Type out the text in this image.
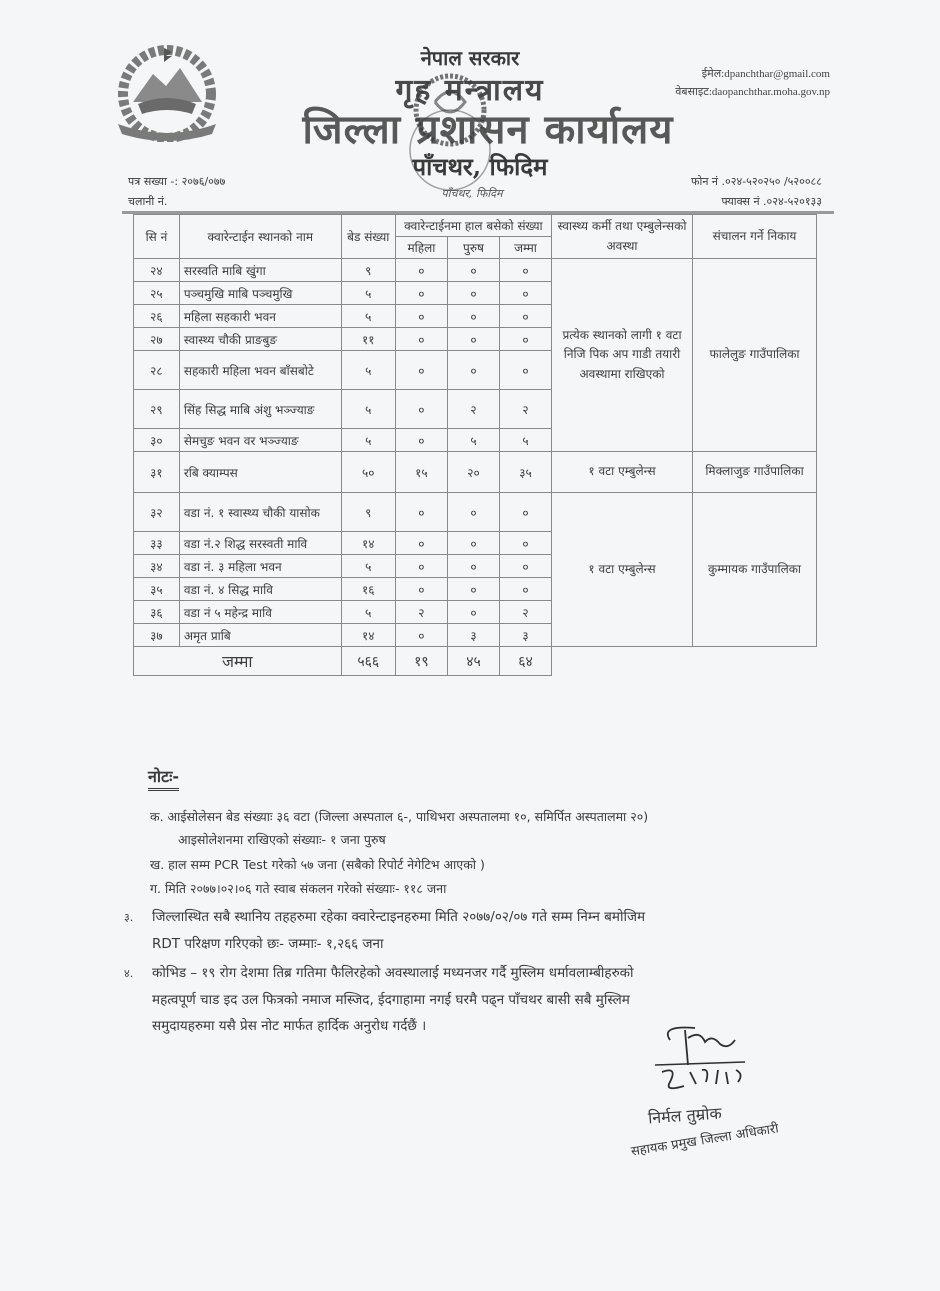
नेपाल सरकार
गृह मन्त्रालय
जिल्ला प्रशासन कार्यालय
पाँचथर, फिदिम
पाँचथर, फिदिम
ईमेल:dpanchthar@gmail.com
वेबसाइट:daopanchthar.moha.gov.np
पत्र सख्या -: २०७६/०७७
चलानी नं.
फोन नं .०२४-५२०२५० /५२००८८
फ्याक्स नं .०२४-५२०१३३
सि नं	क्वारेन्टाईन स्थानको नाम	बेड संख्या	क्वारेन्टाईनमा हाल बसेको संख्या			स्वास्थ्य कर्मी तथा एम्बुलेन्सको अवस्था	संचालन गर्ने निकाय
			महिला	पुरुष	जम्मा		
२४	सरस्वति माबि खुंगा	९	०	०	०	प्रत्येक स्थानको लागी १ वटा निजि पिक अप गाडी तयारी अवस्थामा राखिएको	फालेलुङ गाउँपालिका
२५	पञ्चमुखि माबि पञ्चमुखि	५	०	०	०		
२६	महिला सहकारी भवन	५	०	०	०		
२७	स्वास्थ्य चौकी प्राङबुङ	११	०	०	०		
२८	सहकारी महिला भवन बाँसबोटे	५	०	०	०		
२९	सिंह सिद्ध माबि अंशु भञ्ज्याङ	५	०	२	२		
३०	सेमचुङ भवन वर भञ्ज्याङ	५	०	५	५		
३१	रबि क्याम्पस	५०	१५	२०	३५	१ वटा एम्बुलेन्स	मिक्लाजुङ गाउँपालिका
३२	वडा नं. १ स्वास्थ्य चौकी यासोक	९	०	०	०	१ वटा एम्बुलेन्स	कुम्मायक गाउँपालिका
३३	वडा नं.२ शिद्ध सरस्वती मावि	१४	०	०	०		
३४	वडा नं. ३ महिला भवन	५	०	०	०		
३५	वडा नं. ४ सिद्ध मावि	१६	०	०	०		
३६	वडा नं ५ महेन्द्र मावि	५	२	०	२		
३७	अमृत प्राबि	१४	०	३	३		
जम्मा		५६६	१९	४५	६४		
नोटः-
क. आईसोलेसन बेड संख्याः ३६ वटा (जिल्ला अस्पताल ६-, पाथिभरा अस्पतालमा १०, समिर्पित अस्पतालमा २०)
आइसोलेशनमा राखिएको संख्याः- १ जना पुरुष
ख. हाल सम्म PCR Test गरेको ५७ जना (सबैको रिपोर्ट नेगेटिभ आएको )
ग. मिति २०७७।०२।०६ गते स्वाब संकलन गरेको संख्याः- ११८ जना
३. जिल्लास्थित सबै स्थानिय तहहरुमा रहेका क्वारेन्टाइनहरुमा मिति २०७७/०२/०७ गते सम्म निम्न बमोजिम
RDT परिक्षण गरिएको छः- जम्माः- १,२६६ जना
४. कोभिड – १९ रोग देशमा तिब्र गतिमा फैलिरहेको अवस्थालाई मध्यनजर गर्दै मुस्लिम धर्मावलाम्बीहरुको
महत्वपूर्ण चाड इद उल फित्रको नमाज मस्जिद, ईदगाहामा नगई घरमै पढ्न पाँचथर बासी सबै मुस्लिम
समुदायहरुमा यसै प्रेस नोट मार्फत हार्दिक अनुरोध गर्दछैं ।
निर्मल तुम्रोक
सहायक प्रमुख जिल्ला अधिकारी
